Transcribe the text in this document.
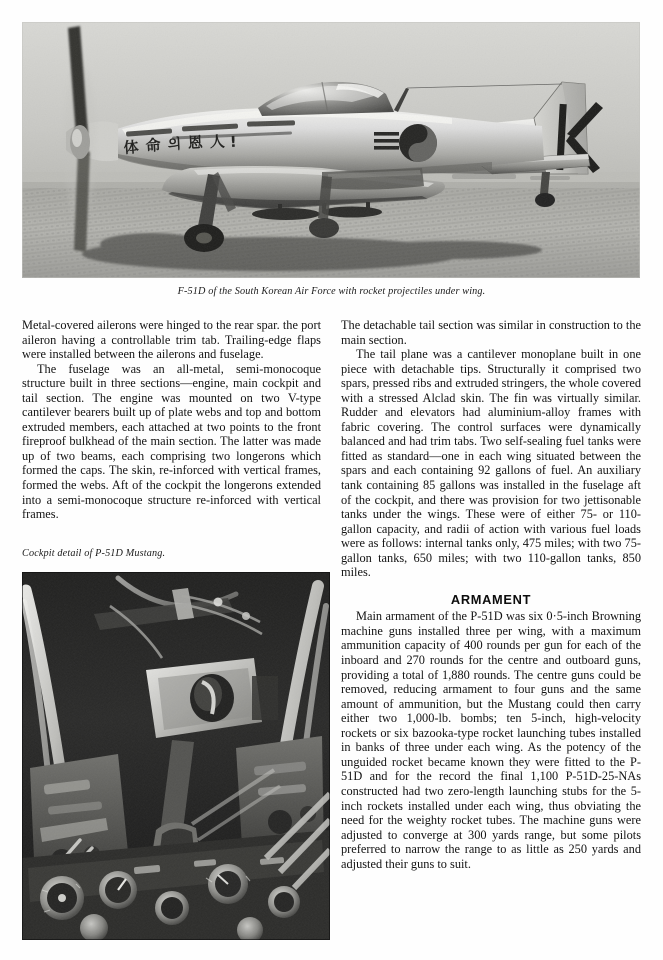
F-51D of the South Korean Air Force with rocket projectiles under wing.

Metal-covered ailerons were hinged to the rear spar. the port aileron having a controllable trim tab. Trailing-edge flaps were installed between the ailerons and fuselage.

The fuselage was an all-metal, semi-monocoque structure built in three sections—engine, main cockpit and tail section. The engine was mounted on two V-type cantilever bearers built up of plate webs and top and bottom extruded members, each attached at two points to the front fireproof bulkhead of the main section. The latter was made up of two beams, each comprising two longerons which formed the caps. The skin, re-inforced with vertical frames, formed the webs. Aft of the cockpit the longerons extended into a semi-monocoque structure re-inforced with vertical frames.

Cockpit detail of P-51D Mustang.

The detachable tail section was similar in construction to the main section.

The tail plane was a cantilever monoplane built in one piece with detachable tips. Structurally it comprised two spars, pressed ribs and extruded stringers, the whole covered with a stressed Alclad skin. The fin was virtually similar. Rudder and elevators had aluminium-alloy frames with fabric covering. The control surfaces were dynamically balanced and had trim tabs. Two self-sealing fuel tanks were fitted as standard—one in each wing situated between the spars and each containing 92 gallons of fuel. An auxiliary tank containing 85 gallons was installed in the fuselage aft of the cockpit, and there was provision for two jettisonable tanks under the wings. These were of either 75- or 110-gallon capacity, and radii of action with various fuel loads were as follows: internal tanks only, 475 miles; with two 75-gallon tanks, 650 miles; with two 110-gallon tanks, 850 miles.

ARMAMENT

Main armament of the P-51D was six 0·5-inch Browning machine guns installed three per wing, with a maximum ammunition capacity of 400 rounds per gun for each of the inboard and 270 rounds for the centre and outboard guns, providing a total of 1,880 rounds. The centre guns could be removed, reducing armament to four guns and the same amount of ammunition, but the Mustang could then carry either two 1,000-lb. bombs; ten 5-inch, high-velocity rockets or six bazooka-type rocket launching tubes installed in banks of three under each wing. As the potency of the unguided rocket became known they were fitted to the P-51D and for the record the final 1,100 P-51D-25-NAs constructed had two zero-length launching stubs for the 5-inch rockets installed under each wing, thus obviating the need for the weighty rocket tubes. The machine guns were adjusted to converge at 300 yards range, but some pilots preferred to narrow the range to as little as 250 yards and adjusted their guns to suit.
